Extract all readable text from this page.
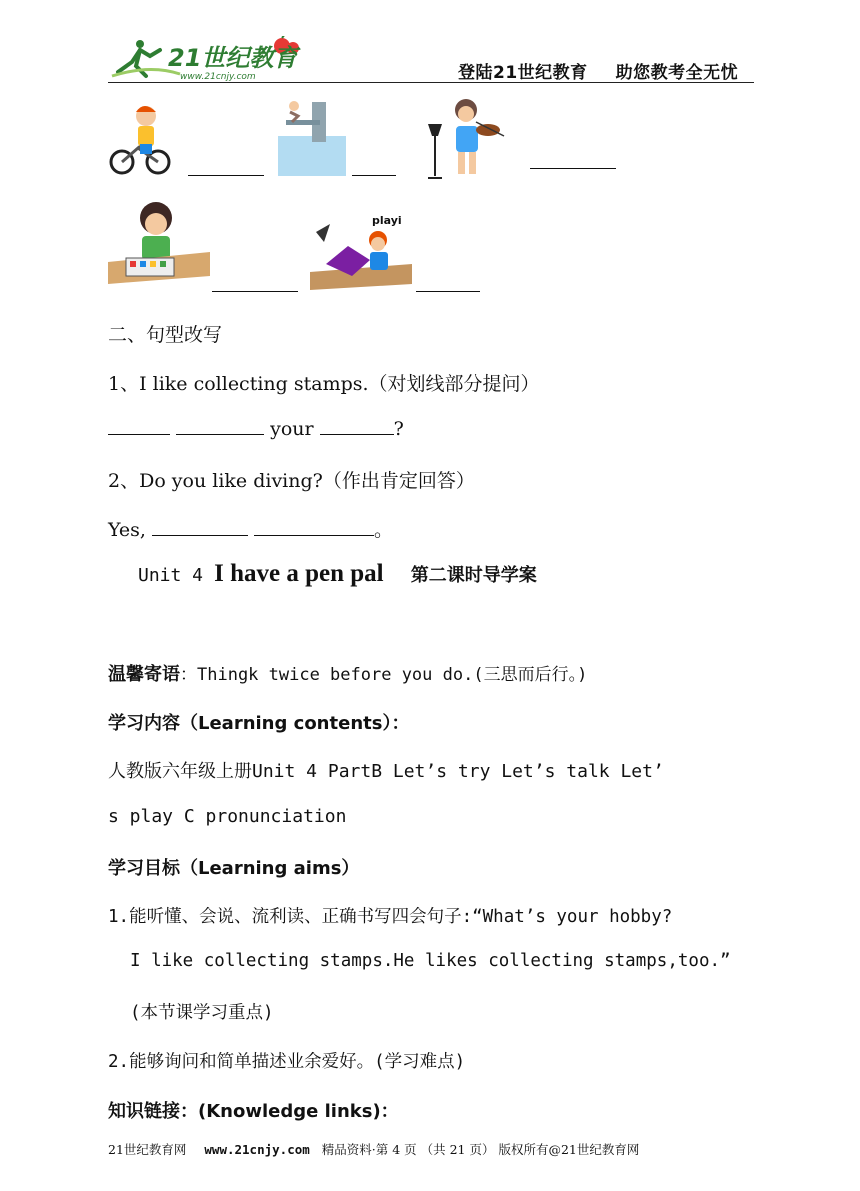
21世纪教育
www.21cnjy.com	登陆21世纪教育 助您教考全无忧
playi
二、句型改写
1、I like collecting stamps.（对划线部分提问）
your	?
2、Do you like diving?（作出肯定回答）
Yes,	。
Unit 4 I have a pen pal 第二课时导学案
温馨寄语：Thingk twice before you do.(三思而后行。)
学习内容（Learning contents）：
人教版六年级上册Unit 4 PartB Let’s try Let’s talk Let’
s play C pronunciation
学习目标（Learning aims）
1.能听懂、会说、流利读、正确书写四会句子:“What’s your hobby?
I like collecting stamps.He likes collecting stamps,too.”
(本节课学习重点)
2.能够询问和简单描述业余爱好。(学习难点)
知识链接：(Knowledge links)：
21世纪教育网 www.21cnjy.com 精品资料·第 4 页 （共 21 页） 版权所有@21世纪教育网
